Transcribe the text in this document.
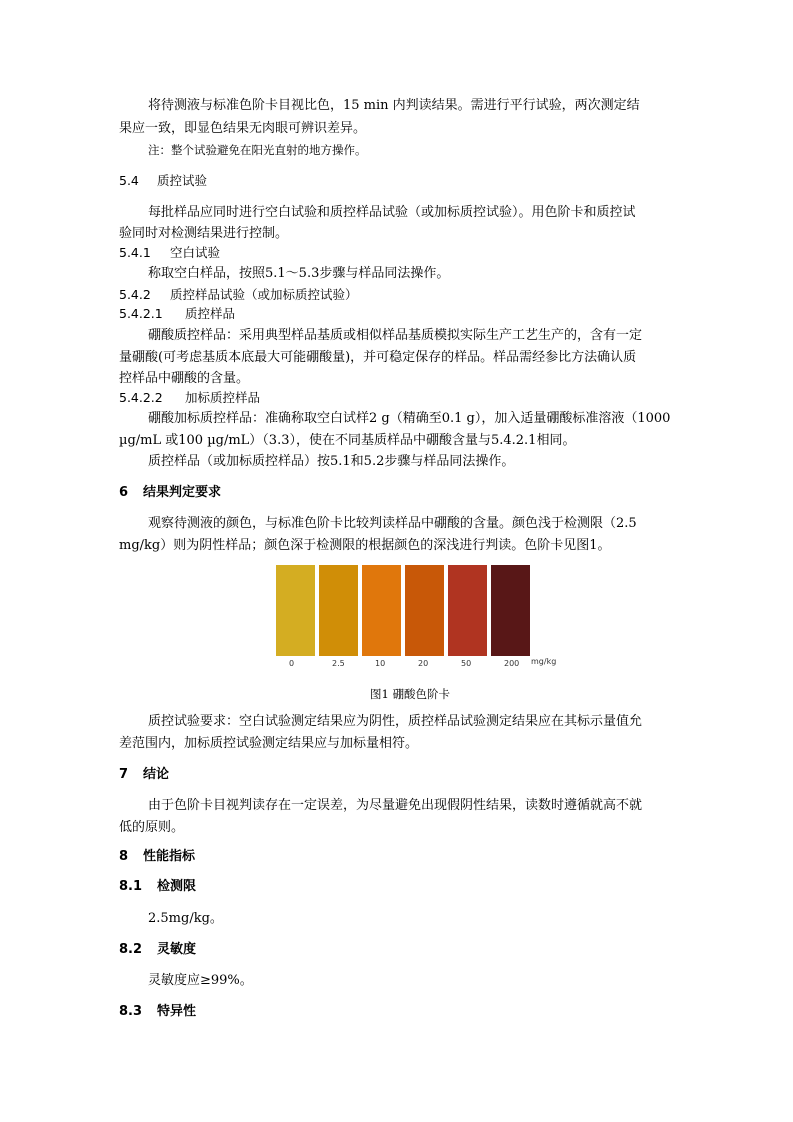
将待测液与标准色阶卡目视比色，15 min 内判读结果。需进行平行试验，两次测定结
果应一致，即显色结果无肉眼可辨识差异。
注：整个试验避免在阳光直射的地方操作。
5.4 质控试验
每批样品应同时进行空白试验和质控样品试验（或加标质控试验）。用色阶卡和质控试
验同时对检测结果进行控制。
5.4.1 空白试验
称取空白样品，按照5.1～5.3步骤与样品同法操作。
5.4.2 质控样品试验（或加标质控试验）
5.4.2.1 质控样品
硼酸质控样品：采用典型样品基质或相似样品基质模拟实际生产工艺生产的，含有一定
量硼酸(可考虑基质本底最大可能硼酸量)，并可稳定保存的样品。样品需经参比方法确认质
控样品中硼酸的含量。
5.4.2.2 加标质控样品
硼酸加标质控样品：准确称取空白试样2 g（精确至0.1 g），加入适量硼酸标准溶液（1000
µg/mL 或100 µg/mL）（3.3），使在不同基质样品中硼酸含量与5.4.2.1相同。
质控样品（或加标质控样品）按5.1和5.2步骤与样品同法操作。
6 结果判定要求
观察待测液的颜色，与标准色阶卡比较判读样品中硼酸的含量。颜色浅于检测限（2.5
mg/kg）则为阴性样品；颜色深于检测限的根据颜色的深浅进行判读。色阶卡见图1。
0	2.5	10	20	50	200 mg/kg
图1 硼酸色阶卡
质控试验要求：空白试验测定结果应为阴性，质控样品试验测定结果应在其标示量值允
差范围内，加标质控试验测定结果应与加标量相符。
7 结论
由于色阶卡目视判读存在一定误差，为尽量避免出现假阴性结果，读数时遵循就高不就
低的原则。
8 性能指标
8.1 检测限
2.5mg/kg。
8.2 灵敏度
灵敏度应≥99%。
8.3 特异性
